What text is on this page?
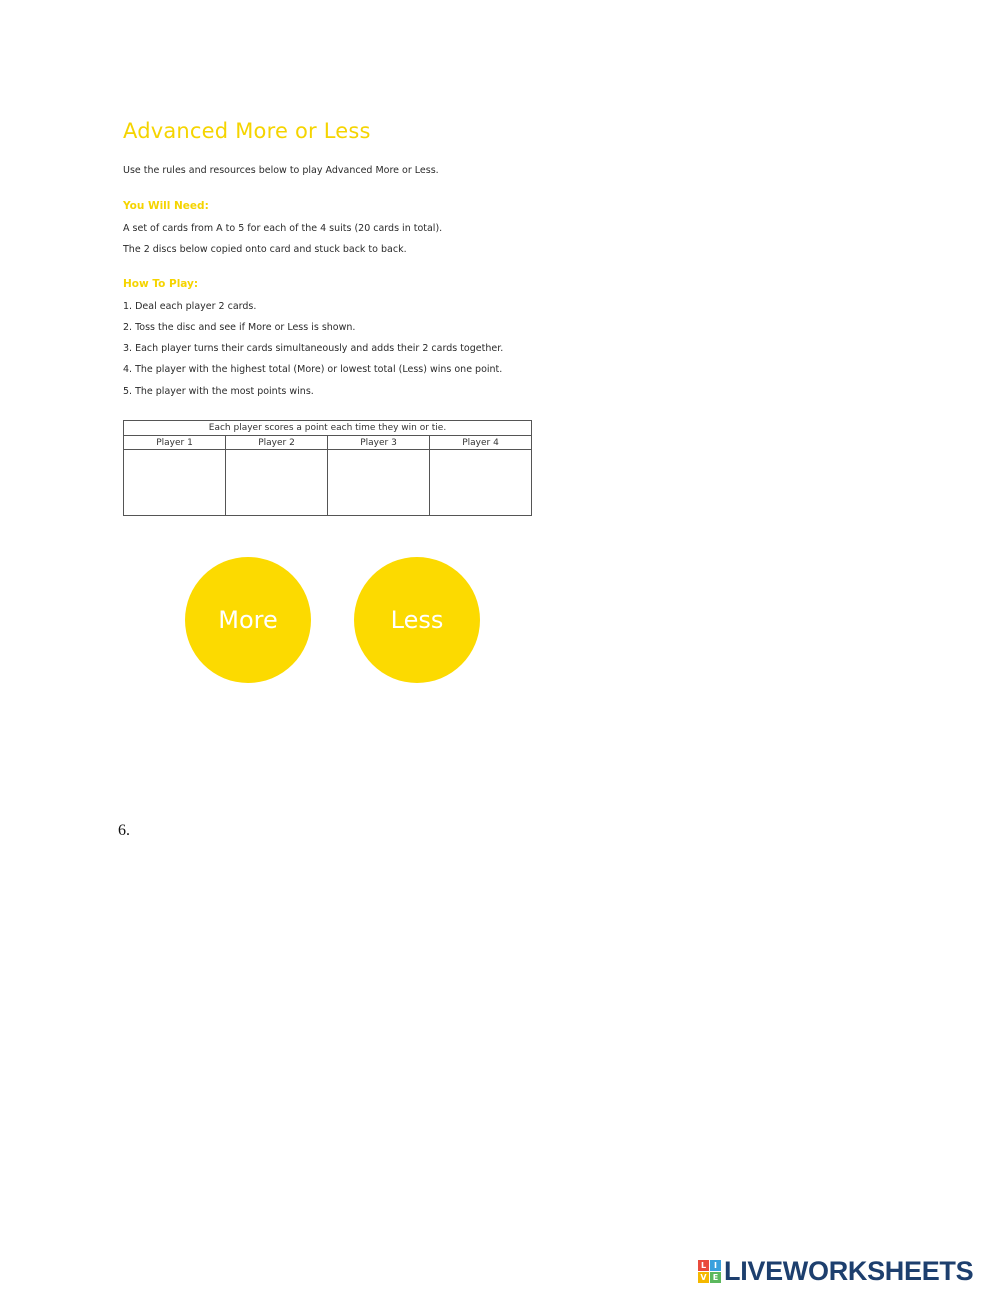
Advanced More or Less
Use the rules and resources below to play Advanced More or Less.
You Will Need:
A set of cards from A to 5 for each of the 4 suits (20 cards in total).
The 2 discs below copied onto card and stuck back to back.
How To Play:
1. Deal each player 2 cards.
2. Toss the disc and see if More or Less is shown.
3. Each player turns their cards simultaneously and adds their 2 cards together.
4. The player with the highest total (More) or lowest total (Less) wins one point.
5. The player with the most points wins.
Each player scores a point each time they win or tie.			
Player 1	Player 2	Player 3	Player 4

More	Less
6.
L I
V E LIVEWORKSHEETS
